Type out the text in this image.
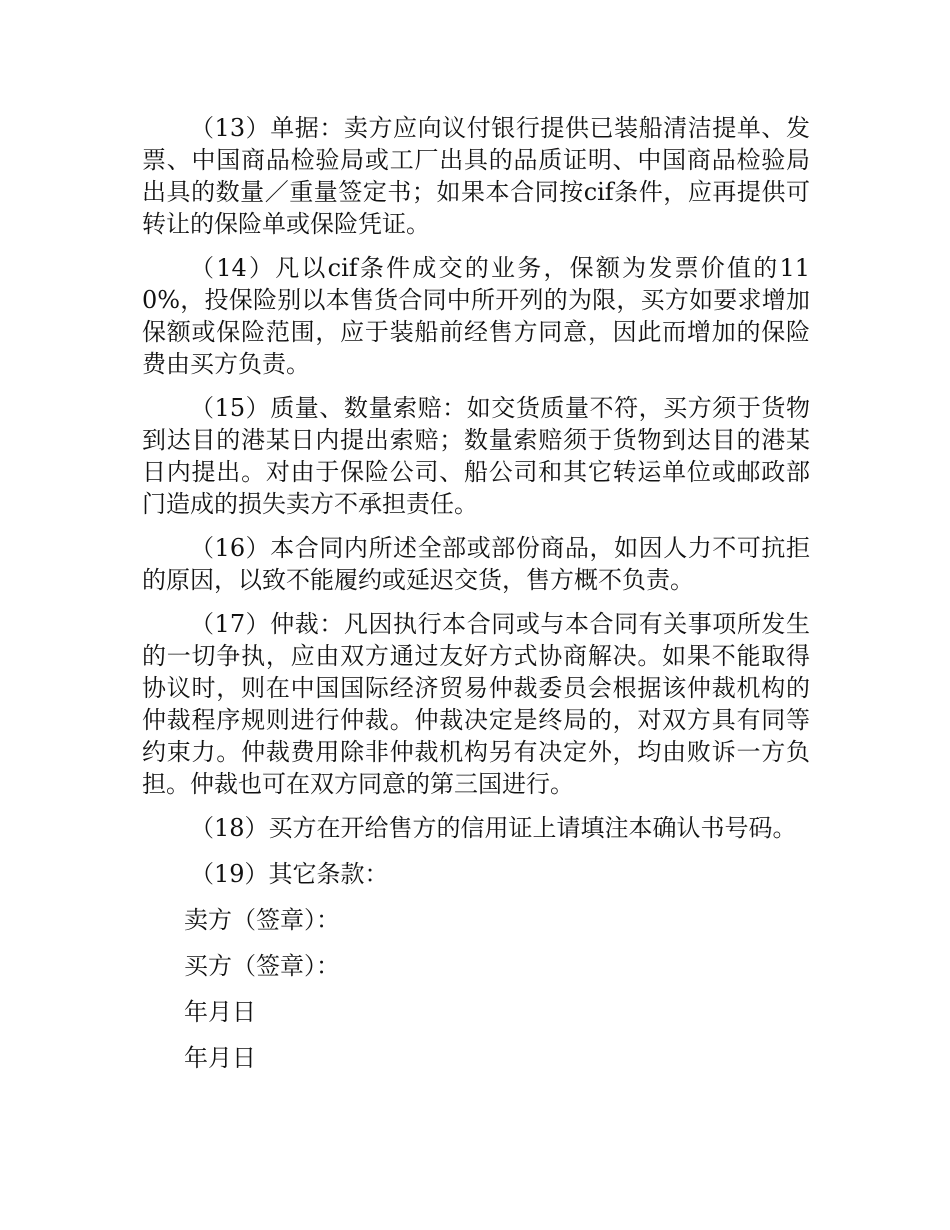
（13）单据：卖方应向议付银行提供已装船清洁提单、发票、中国商品检验局或工厂出具的品质证明、中国商品检验局出具的数量／重量签定书；如果本合同按cif条件，应再提供可转让的保险单或保险凭证。

（14）凡以cif条件成交的业务，保额为发票价值的110%，投保险别以本售货合同中所开列的为限，买方如要求增加保额或保险范围，应于装船前经售方同意，因此而增加的保险费由买方负责。

（15）质量、数量索赔：如交货质量不符，买方须于货物到达目的港某日内提出索赔；数量索赔须于货物到达目的港某日内提出。对由于保险公司、船公司和其它转运单位或邮政部门造成的损失卖方不承担责任。

（16）本合同内所述全部或部份商品，如因人力不可抗拒的原因，以致不能履约或延迟交货，售方概不负责。

（17）仲裁：凡因执行本合同或与本合同有关事项所发生的一切争执，应由双方通过友好方式协商解决。如果不能取得协议时，则在中国国际经济贸易仲裁委员会根据该仲裁机构的仲裁程序规则进行仲裁。仲裁决定是终局的，对双方具有同等约束力。仲裁费用除非仲裁机构另有决定外，均由败诉一方负担。仲裁也可在双方同意的第三国进行。

（18）买方在开给售方的信用证上请填注本确认书号码。

（19）其它条款：

卖方（签章）：

买方（签章）：

年月日

年月日
